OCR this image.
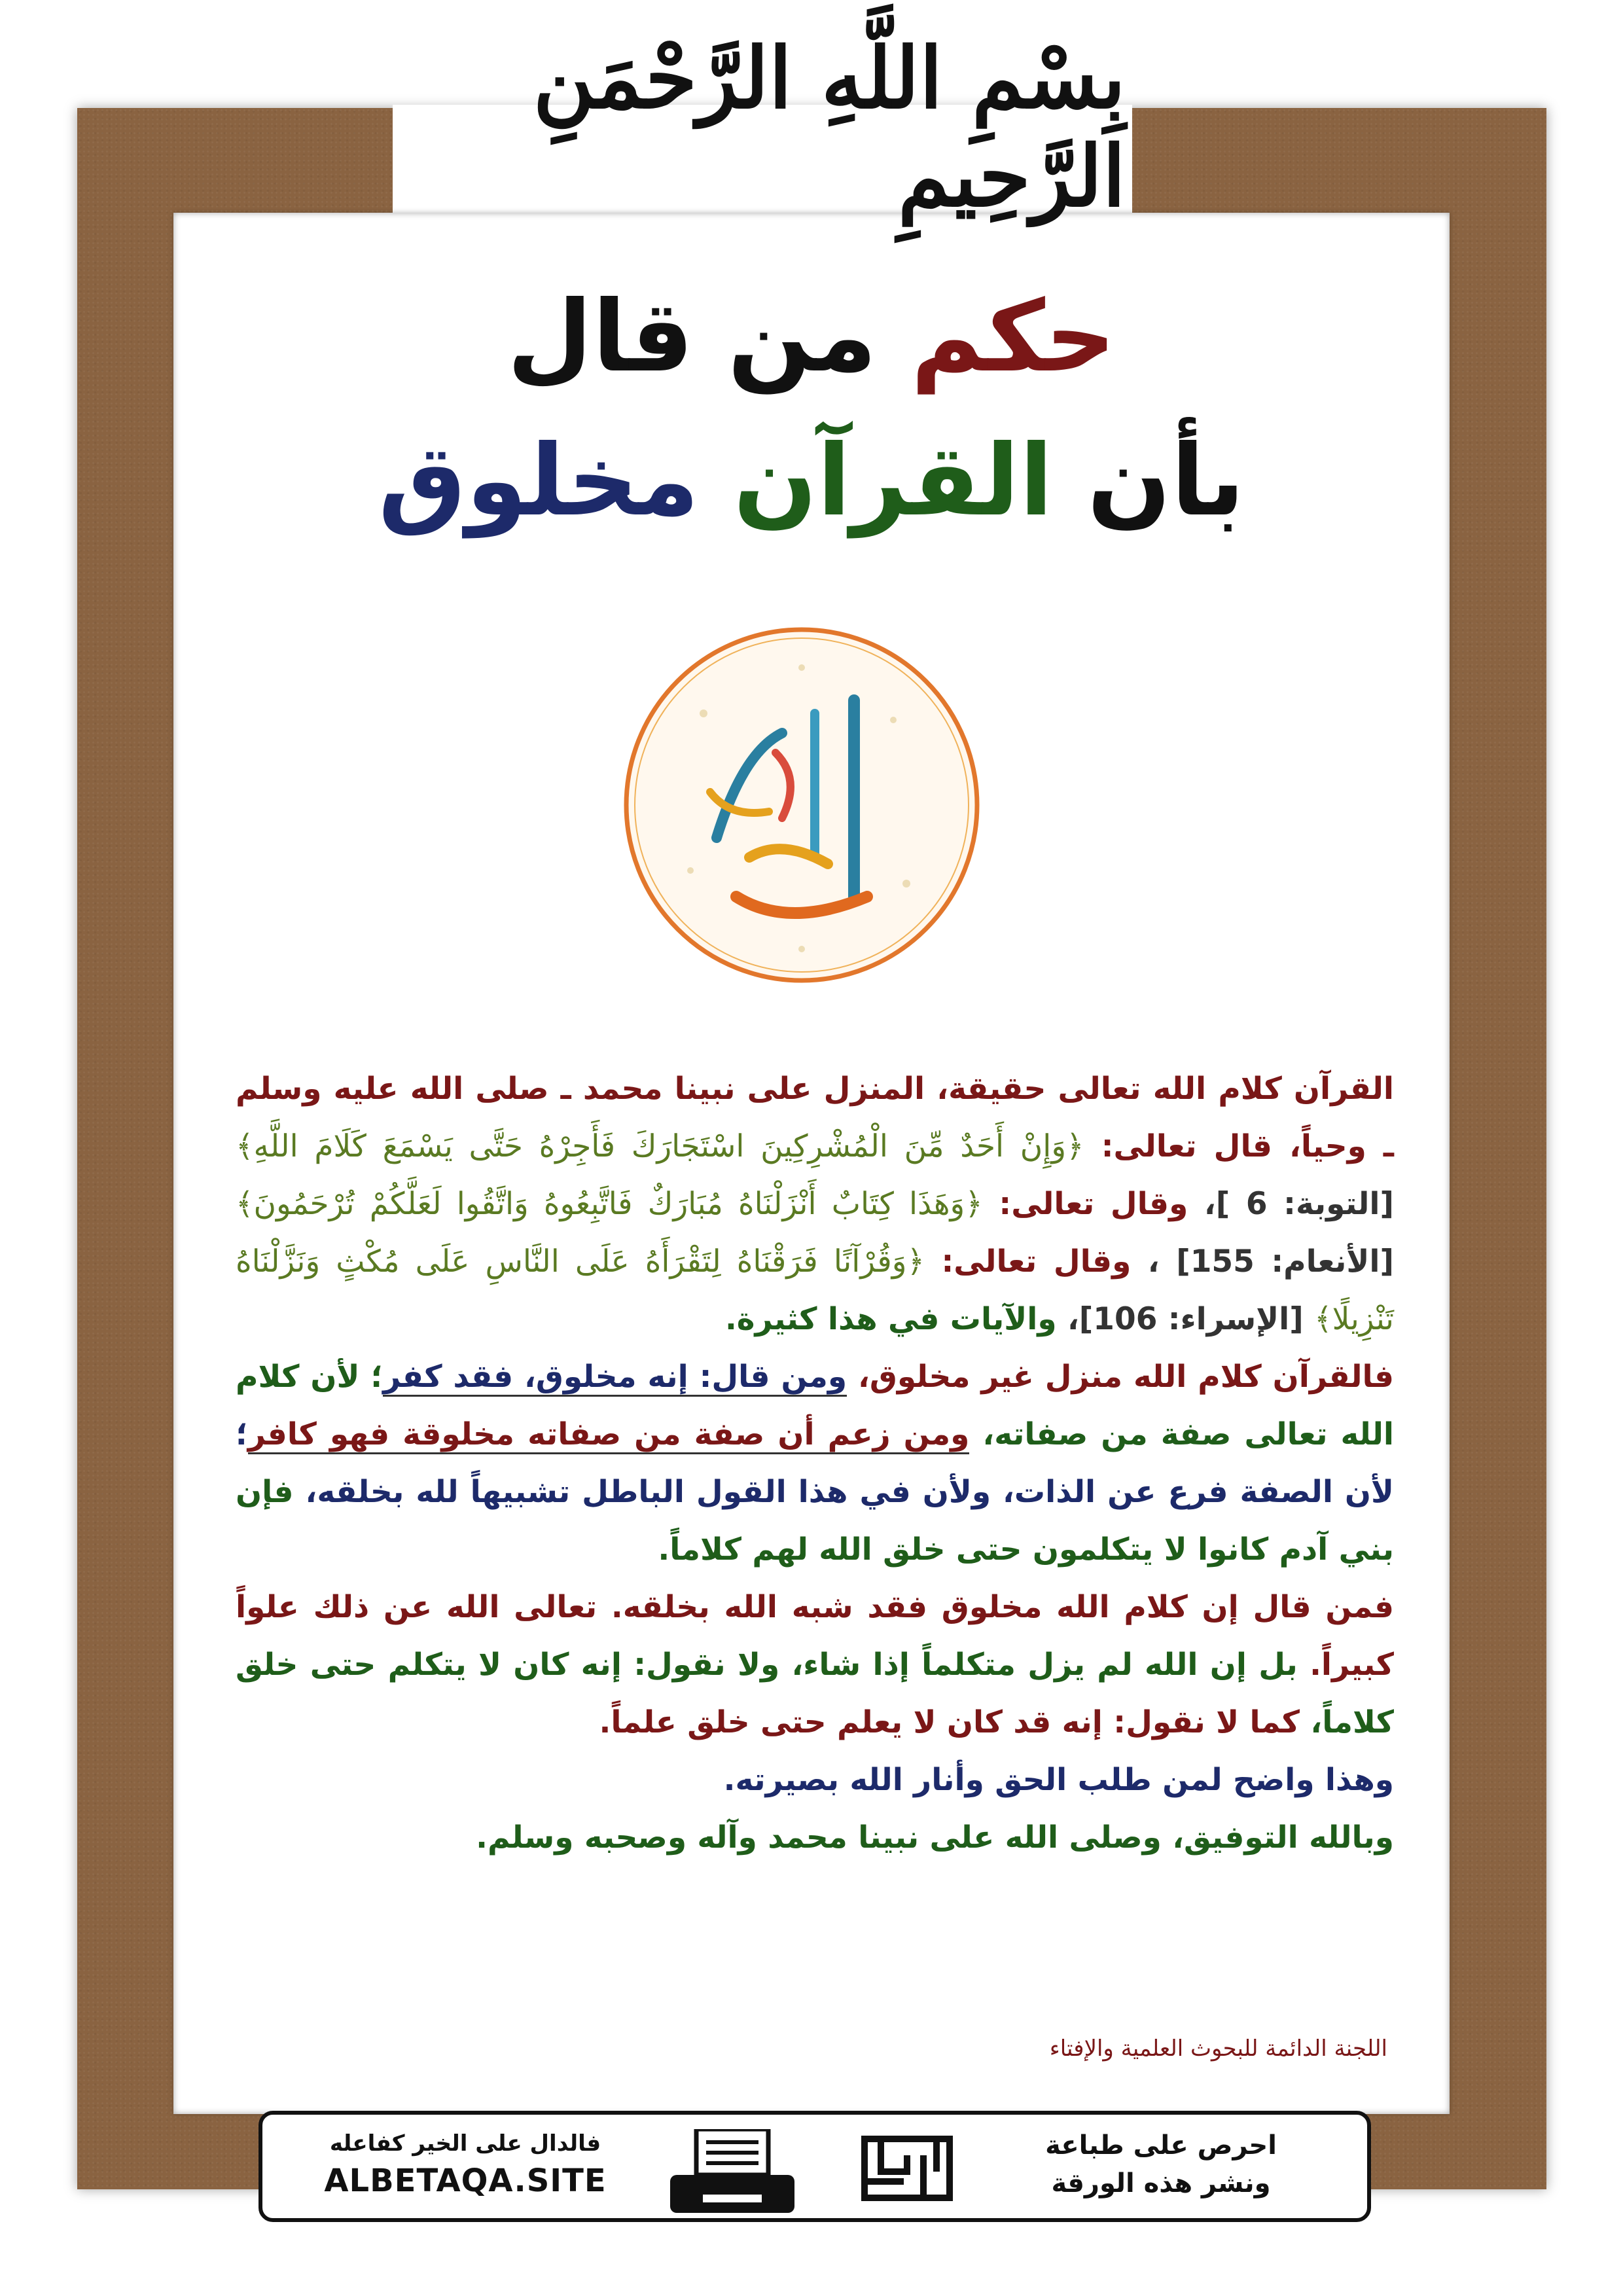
بِسْمِ اللَّهِ الرَّحْمَنِ الرَّحِيمِ
حكم من قال
بأن القرآن مخلوق

القرآن كلام الله تعالى حقيقة، المنزل على نبينا محمد ـ صلى الله عليه وسلم ـ وحياً، قال تعالى: ﴿وَإِنْ أَحَدٌ مِّنَ الْمُشْرِكِينَ اسْتَجَارَكَ فَأَجِرْهُ حَتَّى يَسْمَعَ كَلَامَ اللَّهِ﴾ [التوبة: 6 ]، وقال تعالى: ﴿وَهَذَا كِتَابٌ أَنْزَلْنَاهُ مُبَارَكٌ فَاتَّبِعُوهُ وَاتَّقُوا لَعَلَّكُمْ تُرْحَمُونَ﴾ [الأنعام: 155] ، وقال تعالى: ﴿وَقُرْآنًا فَرَقْنَاهُ لِتَقْرَأَهُ عَلَى النَّاسِ عَلَى مُكْثٍ وَنَزَّلْنَاهُ تَنْزِيلًا﴾ [الإسراء: 106]، والآيات في هذا كثيرة.

فالقرآن كلام الله منزل غير مخلوق، ومن قال: إنه مخلوق، فقد كفر؛ لأن كلام الله تعالى صفة من صفاته، ومن زعم أن صفة من صفاته مخلوقة فهو كافر؛ لأن الصفة فرع عن الذات، ولأن في هذا القول الباطل تشبيهاً لله بخلقه، فإن بني آدم كانوا لا يتكلمون حتى خلق الله لهم كلاماً.

فمن قال إن كلام الله مخلوق فقد شبه الله بخلقه. تعالى الله عن ذلك علواً كبيراً. بل إن الله لم يزل متكلماً إذا شاء، ولا نقول: إنه كان لا يتكلم حتى خلق كلاماً، كما لا نقول: إنه قد كان لا يعلم حتى خلق علماً.

وهذا واضح لمن طلب الحق وأنار الله بصيرته.

وبالله التوفيق، وصلى الله على نبينا محمد وآله وصحبه وسلم.

اللجنة الدائمة للبحوث العلمية والإفتاء
احرص على طباعة
ونشر هذه الورقة
فالدال على الخير كفاعله
ALBETAQA.SITE
